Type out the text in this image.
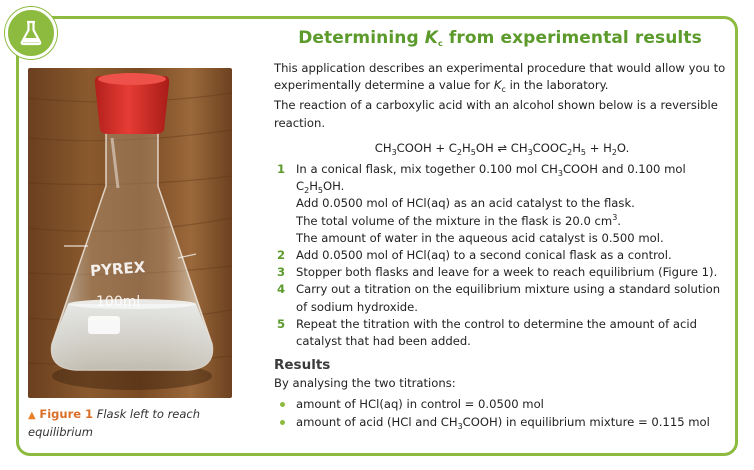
PYREX
100ml
▲ Figure 1 Flask left to reach equilibrium
Determining $K_c$ from experimental results

This application describes an experimental procedure that would allow you to experimentally determine a value for $K_c$ in the laboratory.

The reaction of a carboxylic acid with an alcohol shown below is a reversible reaction.

$CH_3COOH + C_2H_5OH$ ⇌ $CH_3COOC_2H_5 + H_2O$.
1 In a conical flask, mix together 0.100 mol $CH_3COOH$ and 0.100 mol $C_2H_5OH$.
Add 0.0500 mol of HCl(aq) as an acid catalyst to the flask.
The total volume of the mixture in the flask is 20.0 $cm^3$.
The amount of water in the aqueous acid catalyst is 0.500 mol.
2 Add 0.0500 mol of HCl(aq) to a second conical flask as a control.
3 Stopper both flasks and leave for a week to reach equilibrium (Figure 1).
4 Carry out a titration on the equilibrium mixture using a standard solution of sodium hydroxide.
5 Repeat the titration with the control to determine the amount of acid catalyst that had been added.
Results

By analysing the two titrations:

amount of HCl(aq) in control = 0.0500 mol
amount of acid (HCl and $CH_3COOH$) in equilibrium mixture = 0.115 mol
